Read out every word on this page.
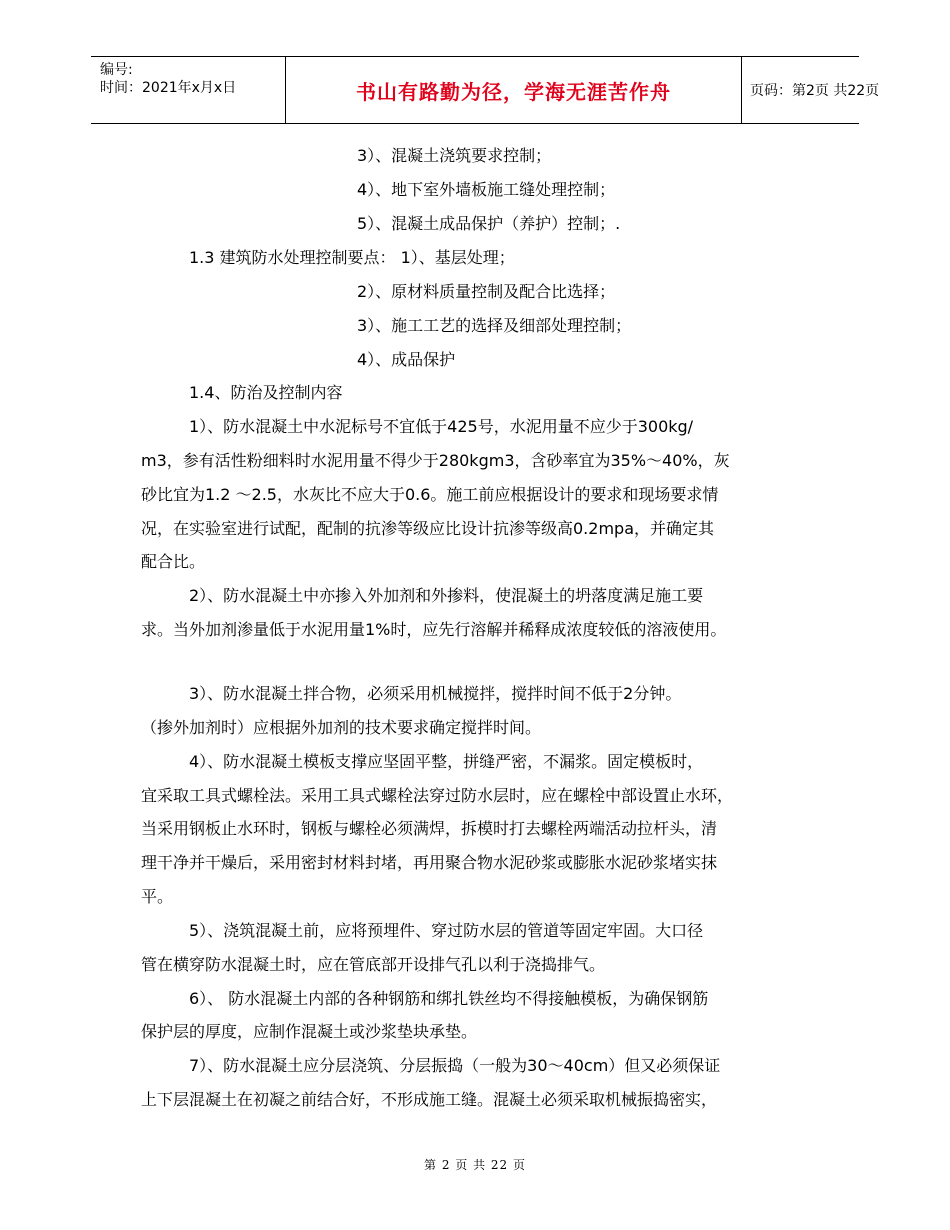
编号:
时间：2021年x月x日	书山有路勤为径，学海无涯苦作舟	页码：第2页 共22页
3）、混凝土浇筑要求控制；
4）、地下室外墙板施工缝处理控制；
5）、混凝土成品保护（养护）控制；.
1.3 建筑防水处理控制要点： 1）、基层处理；
2）、原材料质量控制及配合比选择；
3）、施工工艺的选择及细部处理控制；
4）、成品保护
1.4、防治及控制内容
1）、防水混凝土中水泥标号不宜低于425号，水泥用量不应少于300kg/
m3，参有活性粉细料时水泥用量不得少于280kgm3，含砂率宜为35%～40%，灰
砂比宜为1.2 ～2.5，水灰比不应大于0.6。施工前应根据设计的要求和现场要求情
况，在实验室进行试配，配制的抗渗等级应比设计抗渗等级高0.2mpa，并确定其
配合比。
2）、防水混凝土中亦掺入外加剂和外掺料，使混凝土的坍落度满足施工要
求。当外加剂渗量低于水泥用量1%时，应先行溶解并稀释成浓度较低的溶液使用。
3）、防水混凝土拌合物，必须采用机械搅拌，搅拌时间不低于2分钟。
（掺外加剂时）应根据外加剂的技术要求确定搅拌时间。
4）、防水混凝土模板支撑应坚固平整，拼缝严密，不漏浆。固定模板时，
宜采取工具式螺栓法。采用工具式螺栓法穿过防水层时，应在螺栓中部设置止水环，
当采用钢板止水环时，钢板与螺栓必须满焊，拆模时打去螺栓两端活动拉杆头，清
理干净并干燥后，采用密封材料封堵，再用聚合物水泥砂浆或膨胀水泥砂浆堵实抹
平。
5）、浇筑混凝土前，应将预埋件、穿过防水层的管道等固定牢固。大口径
管在横穿防水混凝土时，应在管底部开设排气孔以利于浇捣排气。
6）、 防水混凝土内部的各种钢筋和绑扎铁丝均不得接触模板，为确保钢筋
保护层的厚度，应制作混凝土或沙浆垫块承垫。
7）、防水混凝土应分层浇筑、分层振捣（一般为30～40cm）但又必须保证
上下层混凝土在初凝之前结合好，不形成施工缝。混凝土必须采取机械振捣密实，
第 2 页 共 22 页
